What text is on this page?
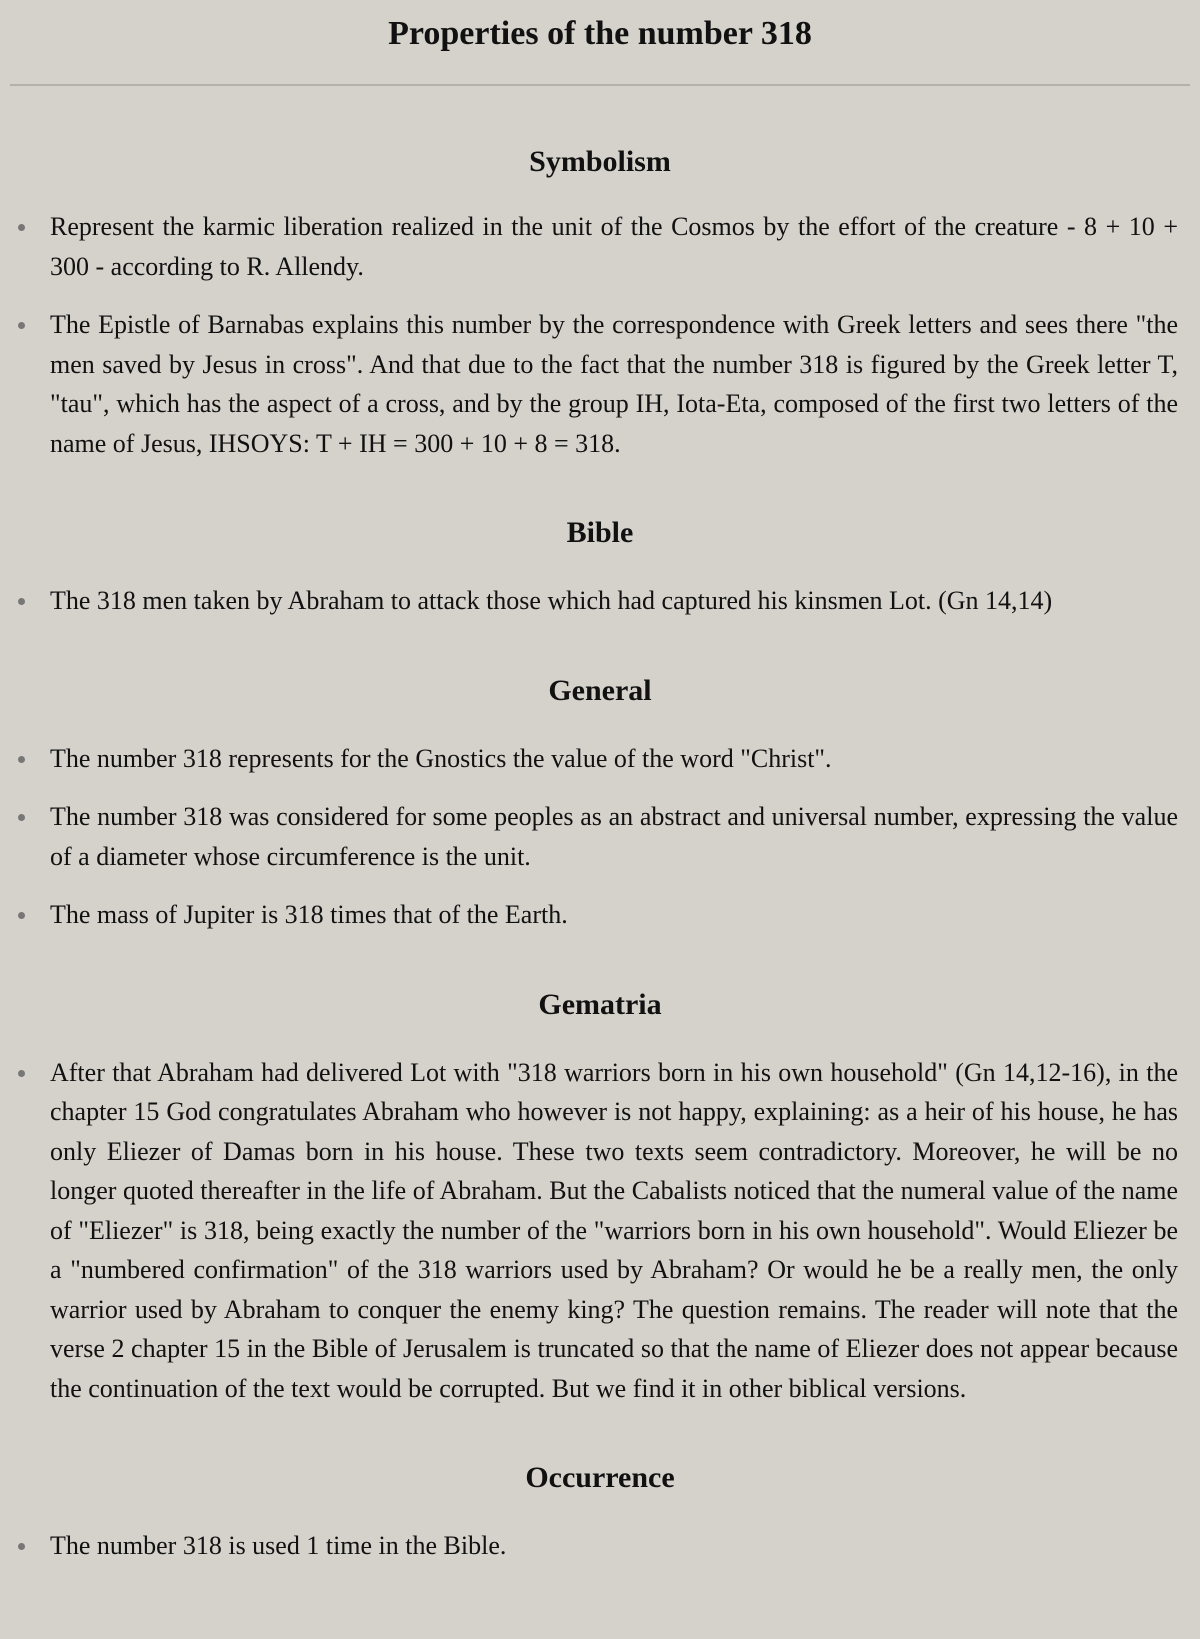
Properties of the number 318
Symbolism
Represent the karmic liberation realized in the unit of the Cosmos by the effort of the creature - 8 + 10 + 300 - according to R. Allendy.
The Epistle of Barnabas explains this number by the correspondence with Greek letters and sees there "the men saved by Jesus in cross". And that due to the fact that the number 318 is figured by the Greek letter T, "tau", which has the aspect of a cross, and by the group IH, Iota-Eta, composed of the first two letters of the name of Jesus, IHSOYS: T + IH = 300 + 10 + 8 = 318.
Bible
The 318 men taken by Abraham to attack those which had captured his kinsmen Lot. (Gn 14,14)
General
The number 318 represents for the Gnostics the value of the word "Christ".
The number 318 was considered for some peoples as an abstract and universal number, expressing the value of a diameter whose circumference is the unit.
The mass of Jupiter is 318 times that of the Earth.
Gematria
After that Abraham had delivered Lot with "318 warriors born in his own household" (Gn 14,12-16), in the chapter 15 God congratulates Abraham who however is not happy, explaining: as a heir of his house, he has only Eliezer of Damas born in his house. These two texts seem contradictory. Moreover, he will be no longer quoted thereafter in the life of Abraham. But the Cabalists noticed that the numeral value of the name of "Eliezer" is 318, being exactly the number of the "warriors born in his own household". Would Eliezer be a "numbered confirmation" of the 318 warriors used by Abraham? Or would he be a really men, the only warrior used by Abraham to conquer the enemy king? The question remains. The reader will note that the verse 2 chapter 15 in the Bible of Jerusalem is truncated so that the name of Eliezer does not appear because the continuation of the text would be corrupted. But we find it in other biblical versions.
Occurrence
The number 318 is used 1 time in the Bible.
